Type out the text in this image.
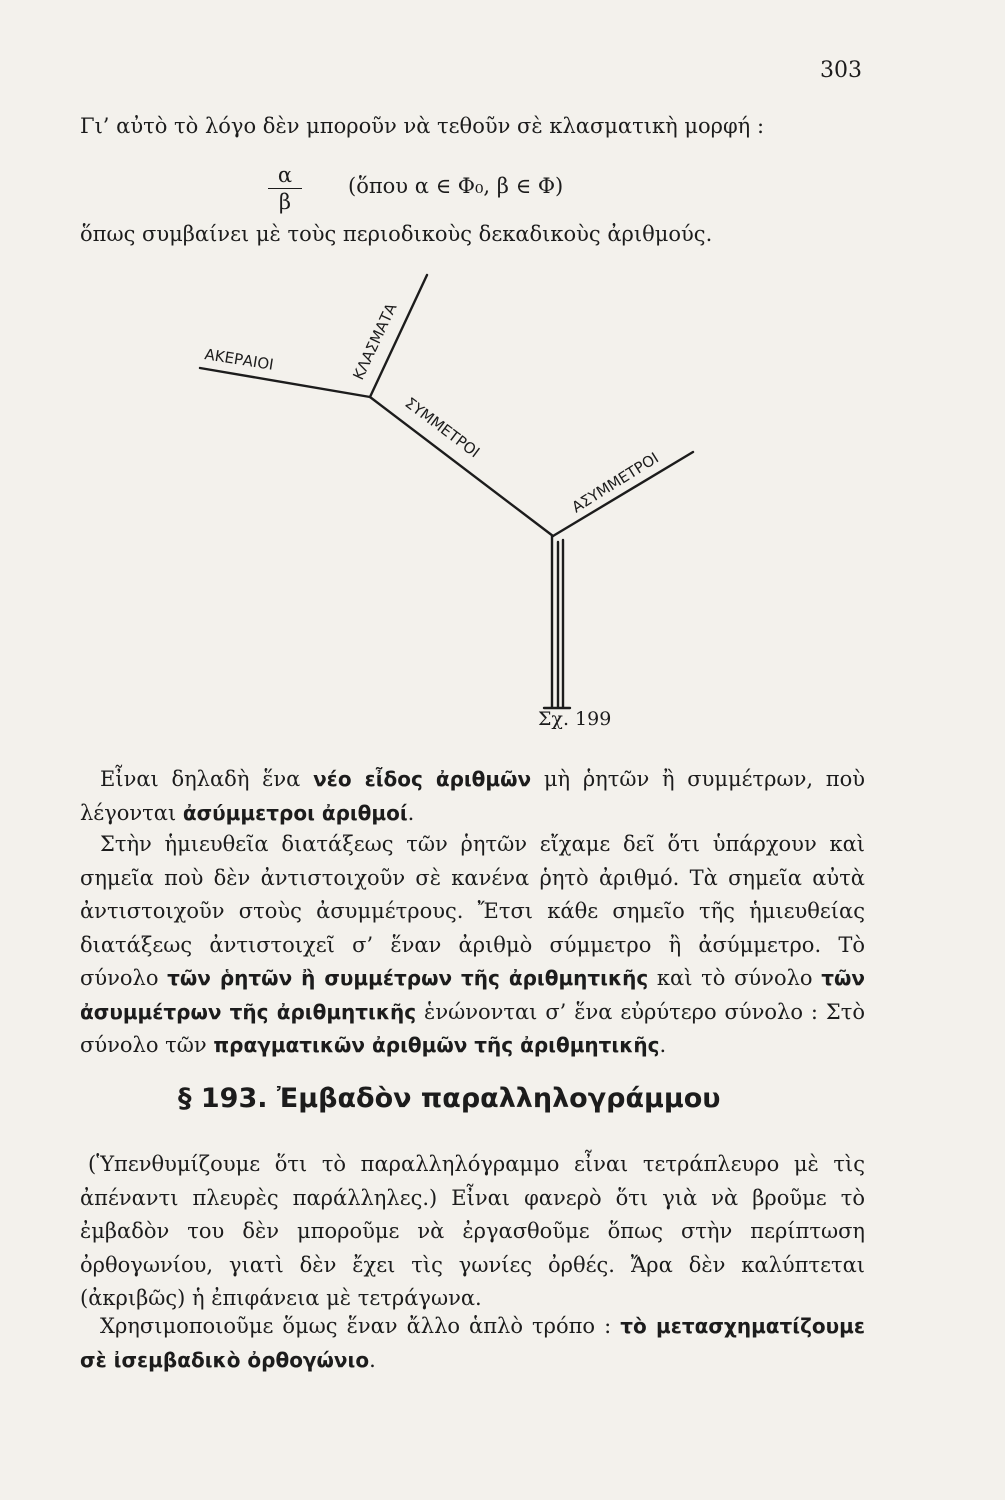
303
Γι’ αὐτὸ τὸ λόγο δὲν μποροῦν νὰ τεθοῦν σὲ κλασματικὴ μορφή :
$\frac{\alpha}{\beta}$ (ὅπου α ∈ Φ₀, β ∈ Φ)
ὅπως συμβαίνει μὲ τοὺς περιοδικοὺς δεκαδικοὺς ἀριθμούς.
ΑΚΕΡΑΙΟΙ	ΚΛΑΣΜΑΤΑ
ΣΥΜΜΕΤΡΟΙ
ΑΣΥΜΜΕΤΡΟΙ
Σχ. 199
Εἶναι δηλαδὴ ἕνα νέο εἶδος ἀριθμῶν μὴ ῥητῶν ἢ συμμέτρων, ποὺ λέγονται ἀσύμμετροι ἀριθμοί.
Στὴν ἡμιευθεῖα διατάξεως τῶν ῥητῶν εἴχαμε δεῖ ὅτι ὑπάρχουν καὶ σημεῖα ποὺ δὲν ἀντιστοιχοῦν σὲ κανένα ῥητὸ ἀριθμό. Τὰ σημεῖα αὐτὰ ἀντιστοιχοῦν στοὺς ἀσυμμέτρους. Ἔτσι κάθε σημεῖο τῆς ἡμιευθείας διατάξεως ἀντιστοιχεῖ σ’ ἕναν ἀριθμὸ σύμμετρο ἢ ἀσύμμετρο. Τὸ σύνολο τῶν ῥητῶν ἢ συμμέτρων τῆς ἀριθμητικῆς καὶ τὸ σύνολο τῶν ἀσυμμέτρων τῆς ἀριθμητικῆς ἑνώνονται σ’ ἕνα εὐρύτερο σύνολο : Στὸ σύνολο τῶν πραγματικῶν ἀριθμῶν τῆς ἀριθμητικῆς.
§ 193. Ἐμβαδὸν παραλληλογράμμου
(Ὑπενθυμίζουμε ὅτι τὸ παραλληλόγραμμο εἶναι τετράπλευρο μὲ τὶς ἀπέναντι πλευρὲς παράλληλες.) Εἶναι φανερὸ ὅτι γιὰ νὰ βροῦμε τὸ ἐμβαδὸν του δὲν μποροῦμε νὰ ἐργασθοῦμε ὅπως στὴν περίπτωση ὀρθογωνίου, γιατὶ δὲν ἔχει τὶς γωνίες ὀρθές. Ἄρα δὲν καλύπτεται (ἀκριβῶς) ἡ ἐπιφάνεια μὲ τετράγωνα.
Χρησιμοποιοῦμε ὅμως ἕναν ἄλλο ἁπλὸ τρόπο : τὸ μετασχηματίζουμε σὲ ἰσεμβαδικὸ ὀρθογώνιο.
